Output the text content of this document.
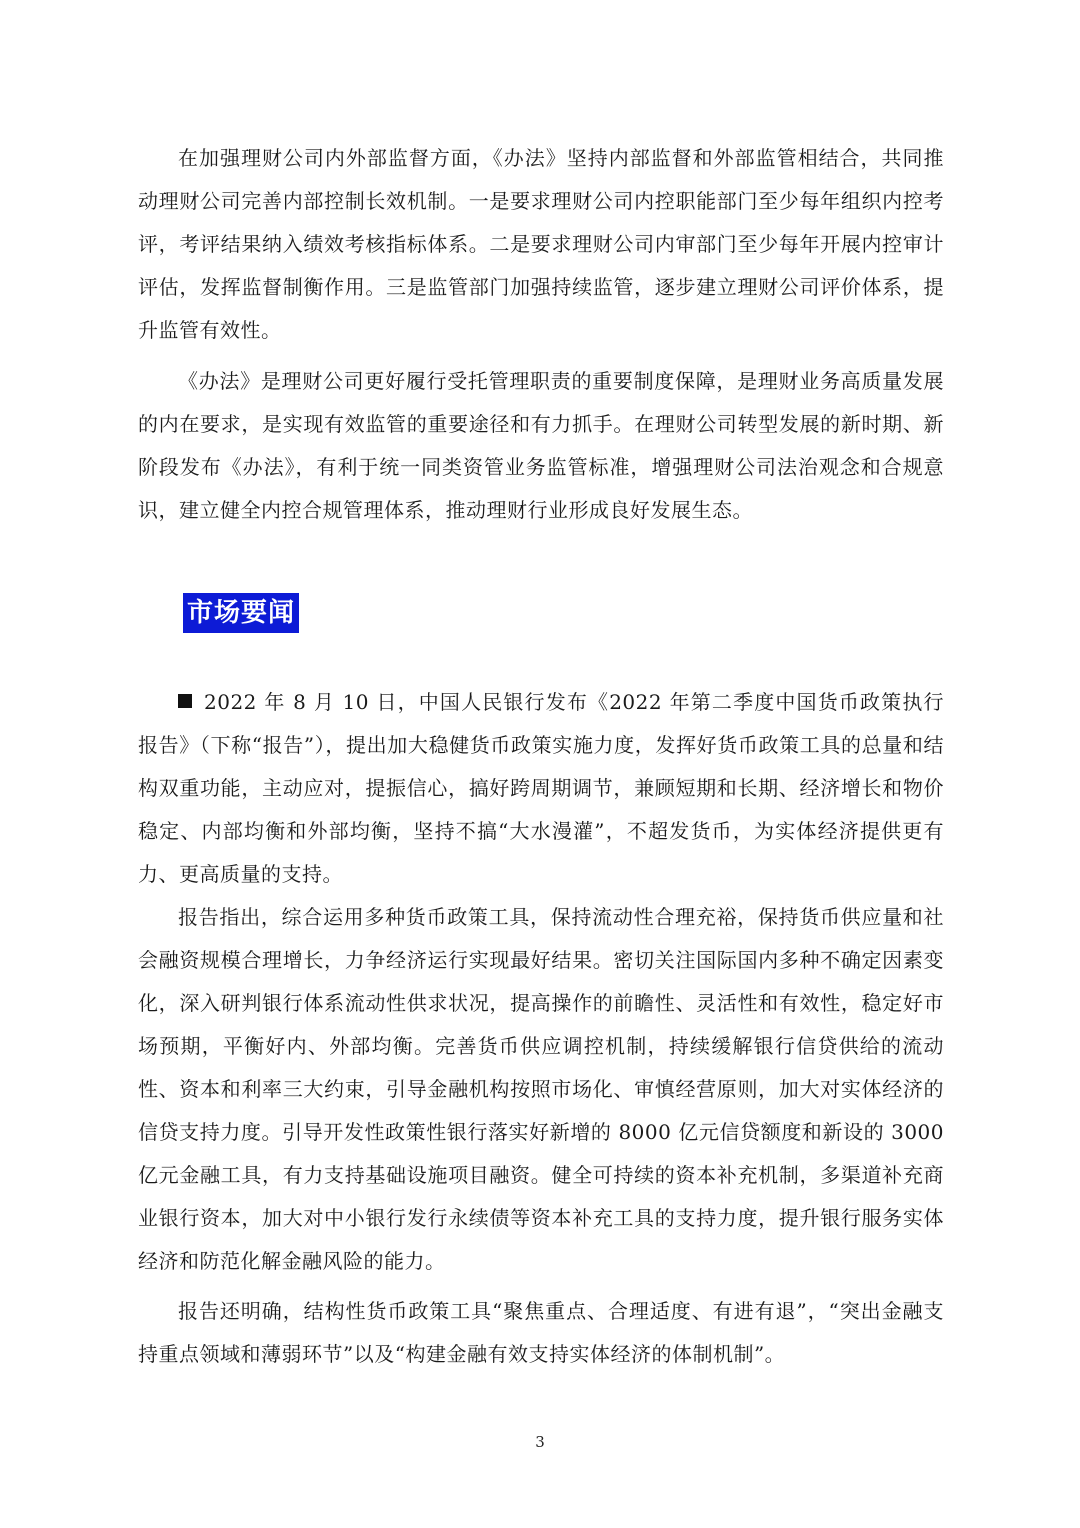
在加强理财公司内外部监督方面，《办法》坚持内部监督和外部监管相结合，共同推动理财公司完善内部控制长效机制。一是要求理财公司内控职能部门至少每年组织内控考评，考评结果纳入绩效考核指标体系。二是要求理财公司内审部门至少每年开展内控审计评估，发挥监督制衡作用。三是监管部门加强持续监管，逐步建立理财公司评价体系，提升监管有效性。

《办法》是理财公司更好履行受托管理职责的重要制度保障，是理财业务高质量发展的内在要求，是实现有效监管的重要途径和有力抓手。在理财公司转型发展的新时期、新阶段发布《办法》，有利于统一同类资管业务监管标准，增强理财公司法治观念和合规意识，建立健全内控合规管理体系，推动理财行业形成良好发展生态。

市场要闻

2022 年 8 月 10 日，中国人民银行发布《2022 年第二季度中国货币政策执行报告》（下称“报告”），提出加大稳健货币政策实施力度，发挥好货币政策工具的总量和结构双重功能，主动应对，提振信心，搞好跨周期调节，兼顾短期和长期、经济增长和物价稳定、内部均衡和外部均衡，坚持不搞“大水漫灌”，不超发货币，为实体经济提供更有力、更高质量的支持。

报告指出，综合运用多种货币政策工具，保持流动性合理充裕，保持货币供应量和社会融资规模合理增长，力争经济运行实现最好结果。密切关注国际国内多种不确定因素变化，深入研判银行体系流动性供求状况，提高操作的前瞻性、灵活性和有效性，稳定好市场预期，平衡好内、外部均衡。完善货币供应调控机制，持续缓解银行信贷供给的流动性、资本和利率三大约束，引导金融机构按照市场化、审慎经营原则，加大对实体经济的信贷支持力度。引导开发性政策性银行落实好新增的 8000 亿元信贷额度和新设的 3000 亿元金融工具，有力支持基础设施项目融资。健全可持续的资本补充机制，多渠道补充商业银行资本，加大对中小银行发行永续债等资本补充工具的支持力度，提升银行服务实体经济和防范化解金融风险的能力。

报告还明确，结构性货币政策工具“聚焦重点、合理适度、有进有退”，“突出金融支持重点领域和薄弱环节”以及“构建金融有效支持实体经济的体制机制”。

3
